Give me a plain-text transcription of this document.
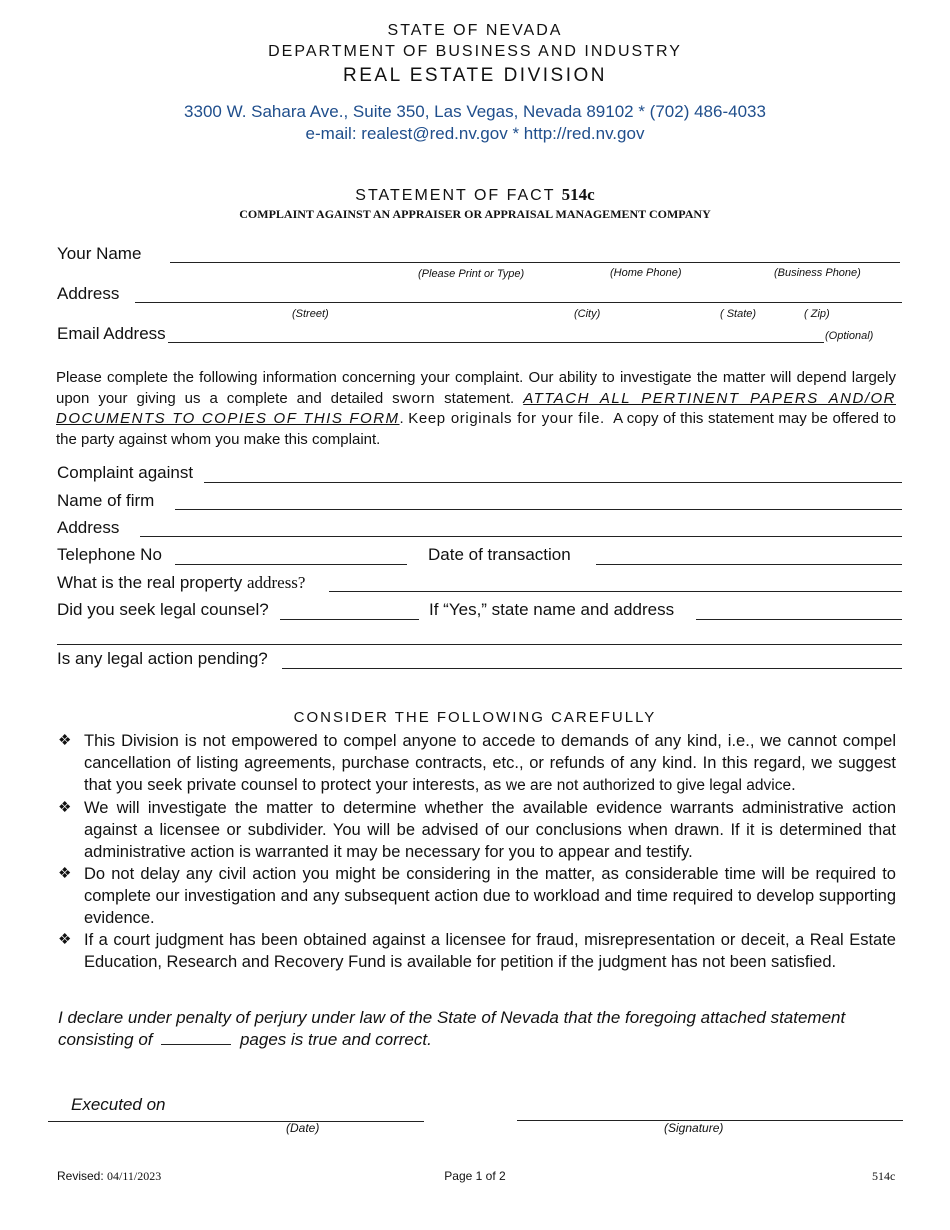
STATE OF NEVADA
DEPARTMENT OF BUSINESS AND INDUSTRY
REAL ESTATE DIVISION
3300 W. Sahara Ave., Suite 350, Las Vegas, Nevada 89102 * (702) 486-4033
e-mail: realest@red.nv.gov * http://red.nv.gov
STATEMENT OF FACT 514c
COMPLAINT AGAINST AN APPRAISER OR APPRAISAL MANAGEMENT COMPANY
Your Name
(Please Print or Type)	(Home Phone)	(Business Phone)
Address
(Street)	(City)	( State)	( Zip)
Email Address	(Optional)
Please complete the following information concerning your complaint. Our ability to investigate the matter will depend largely upon your giving us a complete and detailed sworn statement. ATTACH ALL PERTINENT PAPERS AND/OR DOCUMENTS TO COPIES OF THIS FORM. Keep originals for your file. A copy of this statement may be offered to the party against whom you make this complaint.
Complaint against
Name of firm
Address
Telephone No	Date of transaction
What is the real property address?
Did you seek legal counsel?	If “Yes,” state name and address
Is any legal action pending?
CONSIDER THE FOLLOWING CAREFULLY
❖ This Division is not empowered to compel anyone to accede to demands of any kind, i.e., we cannot compel cancellation of listing agreements, purchase contracts, etc., or refunds of any kind. In this regard, we suggest that you seek private counsel to protect your interests, as we are not authorized to give legal advice.
❖ We will investigate the matter to determine whether the available evidence warrants administrative action against a licensee or subdivider. You will be advised of our conclusions when drawn. If it is determined that administrative action is warranted it may be necessary for you to appear and testify.
❖ Do not delay any civil action you might be considering in the matter, as considerable time will be required to complete our investigation and any subsequent action due to workload and time required to develop supporting evidence.
❖ If a court judgment has been obtained against a licensee for fraud, misrepresentation or deceit, a Real Estate Education, Research and Recovery Fund is available for petition if the judgment has not been satisfied.
I declare under penalty of perjury under law of the State of Nevada that the foregoing attached statement consisting of	pages is true and correct.
Executed on
(Date)	(Signature)
Revised: 04/11/2023	Page 1 of 2	514c
